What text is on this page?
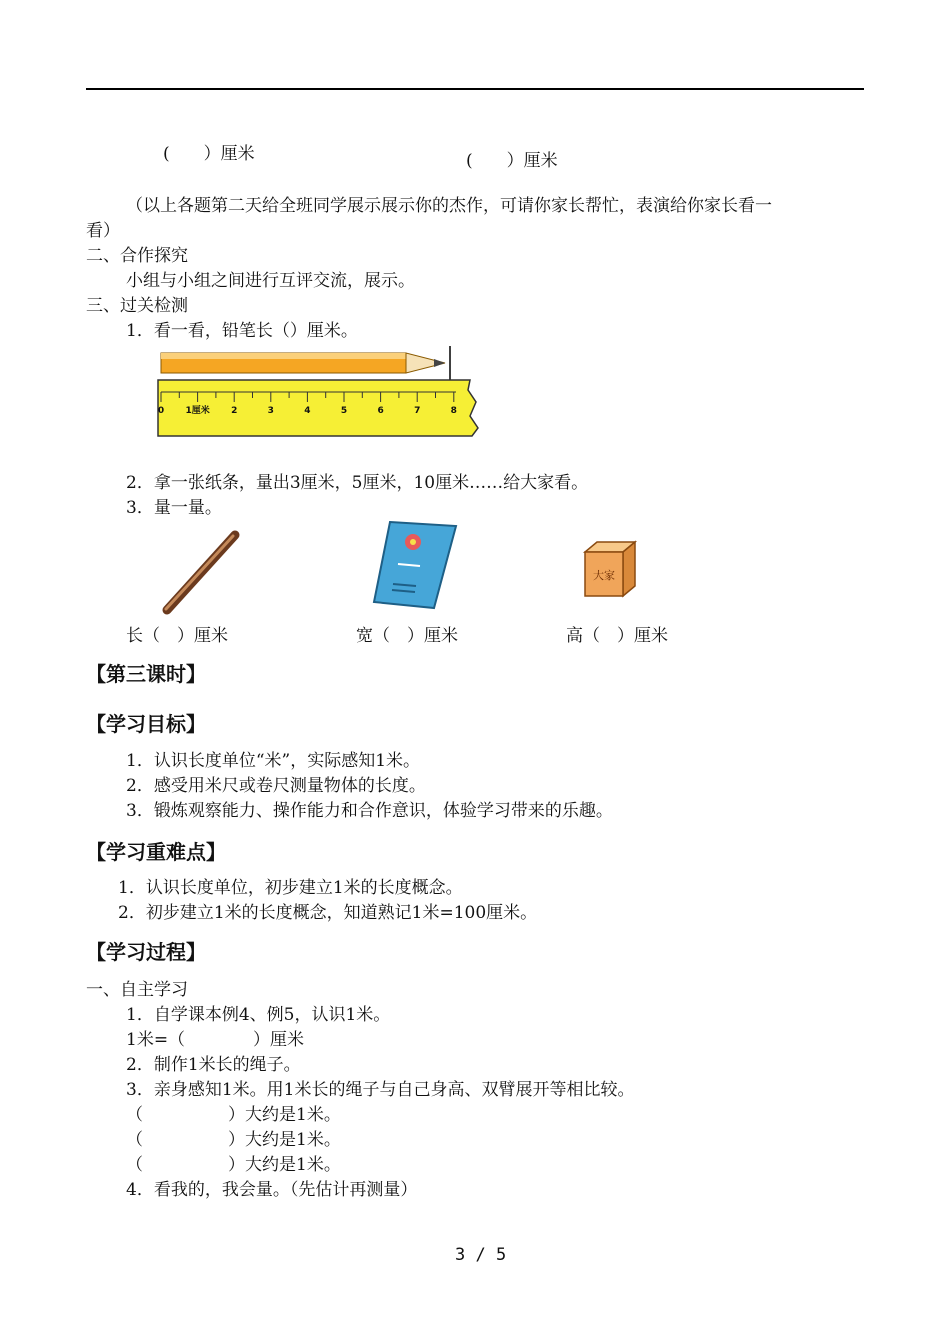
(　　）厘米	(　　）厘米
（以上各题第二天给全班同学展示展示你的杰作，可请你家长帮忙，表演给你家长看一
看）
二、合作探究
小组与小组之间进行互评交流，展示。
三、过关检测
1．看一看，铅笔长（）厘米。
0 1厘米 2	3	4	5	6	7	8
2．拿一张纸条，量出3厘米，5厘米，10厘米……给大家看。
3．量一量。
大家
长（　）厘米	宽（　）厘米	高（　）厘米
【第三课时】
【学习目标】
1．认识长度单位“米”，实际感知1米。
2．感受用米尺或卷尺测量物体的长度。
3．锻炼观察能力、操作能力和合作意识，体验学习带来的乐趣。
【学习重难点】
1．认识长度单位，初步建立1米的长度概念。
2．初步建立1米的长度概念，知道熟记1米=100厘米。
【学习过程】
一、自主学习
1．自学课本例4、例5，认识1米。
1米=（　　　　）厘米
2．制作1米长的绳子。
3．亲身感知1米。用1米长的绳子与自己身高、双臂展开等相比较。
（　　　　　）大约是1米。
（　　　　　）大约是1米。
（　　　　　）大约是1米。
4．看我的，我会量。（先估计再测量）
3 / 5
